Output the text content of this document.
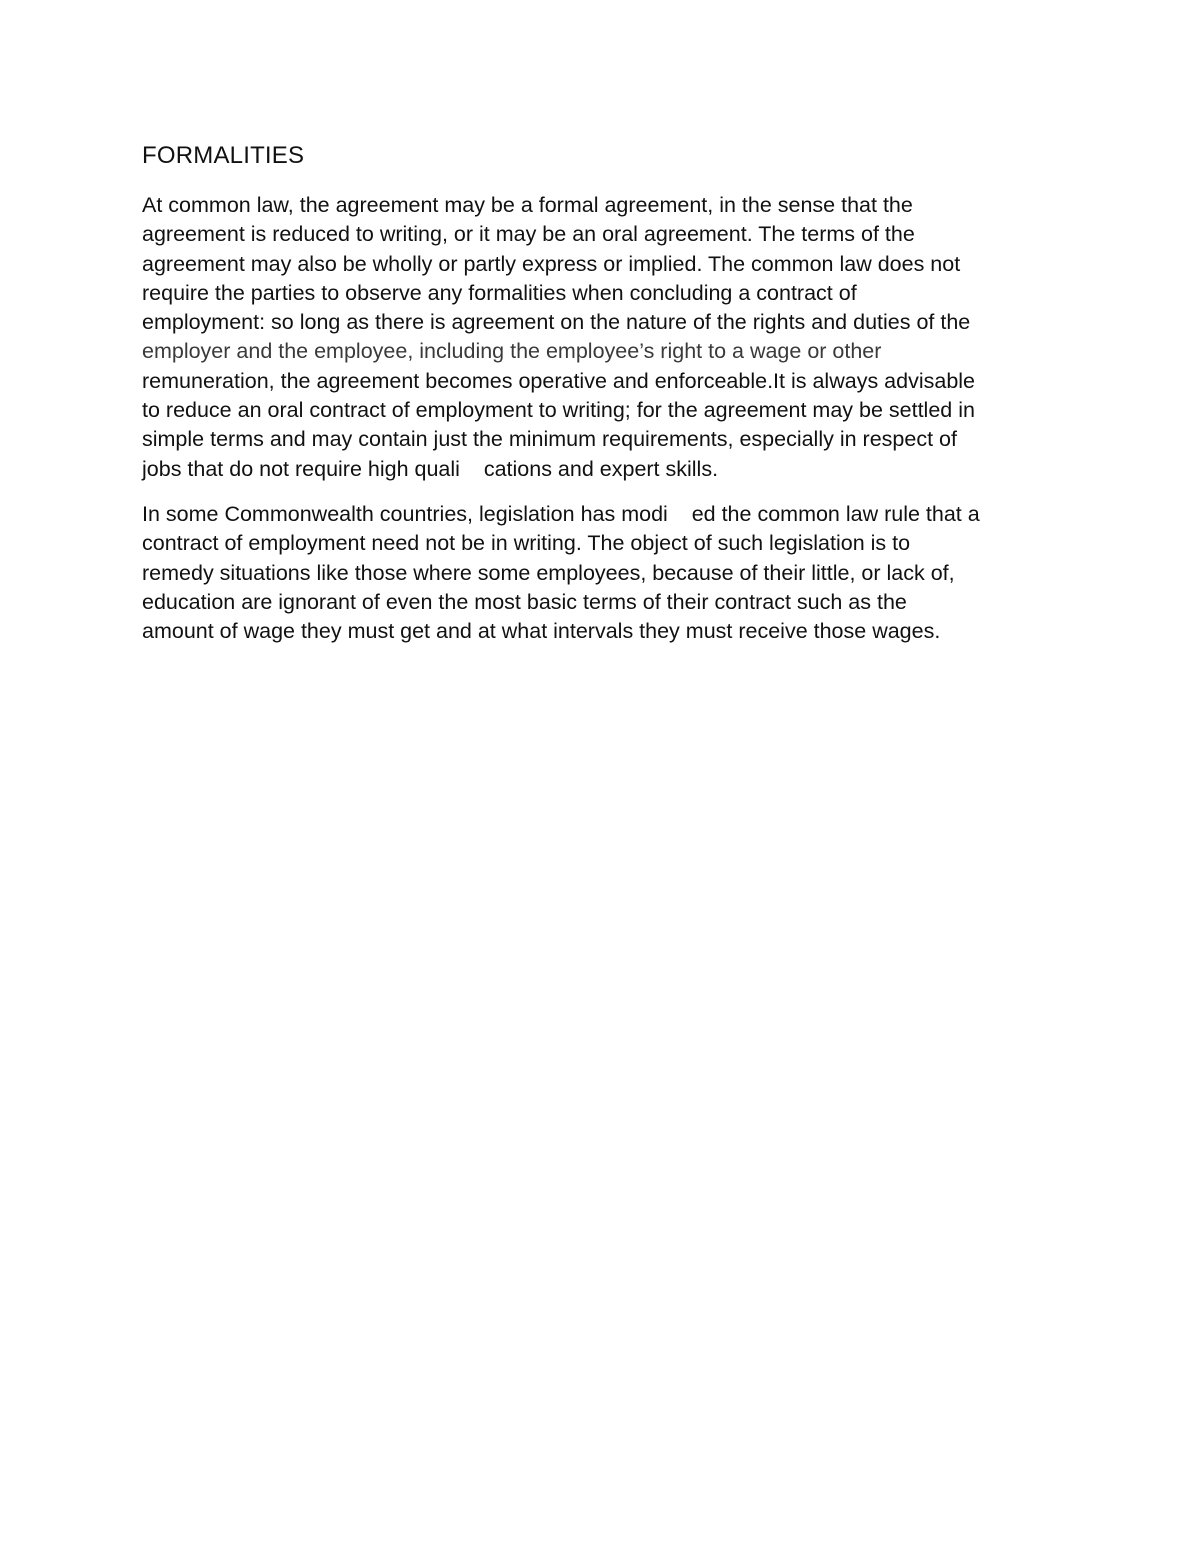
FORMALITIES
At common law, the agreement may be a formal agreement, in the sense that the
agreement is reduced to writing, or it may be an oral agreement. The terms of the
agreement may also be wholly or partly express or implied. The common law does not
require the parties to observe any formalities when concluding a contract of
employment: so long as there is agreement on the nature of the rights and duties of the
employer and the employee, including the employee’s right to a wage or other
remuneration, the agreement becomes operative and enforceable.It is always advisable
to reduce an oral contract of employment to writing; for the agreement may be settled in
simple terms and may contain just the minimum requirements, especially in respect of
jobs that do not require high quali    cations and expert skills.
In some Commonwealth countries, legislation has modi    ed the common law rule that a
contract of employment need not be in writing. The object of such legislation is to
remedy situations like those where some employees, because of their little, or lack of,
education are ignorant of even the most basic terms of their contract such as the
amount of wage they must get and at what intervals they must receive those wages.
